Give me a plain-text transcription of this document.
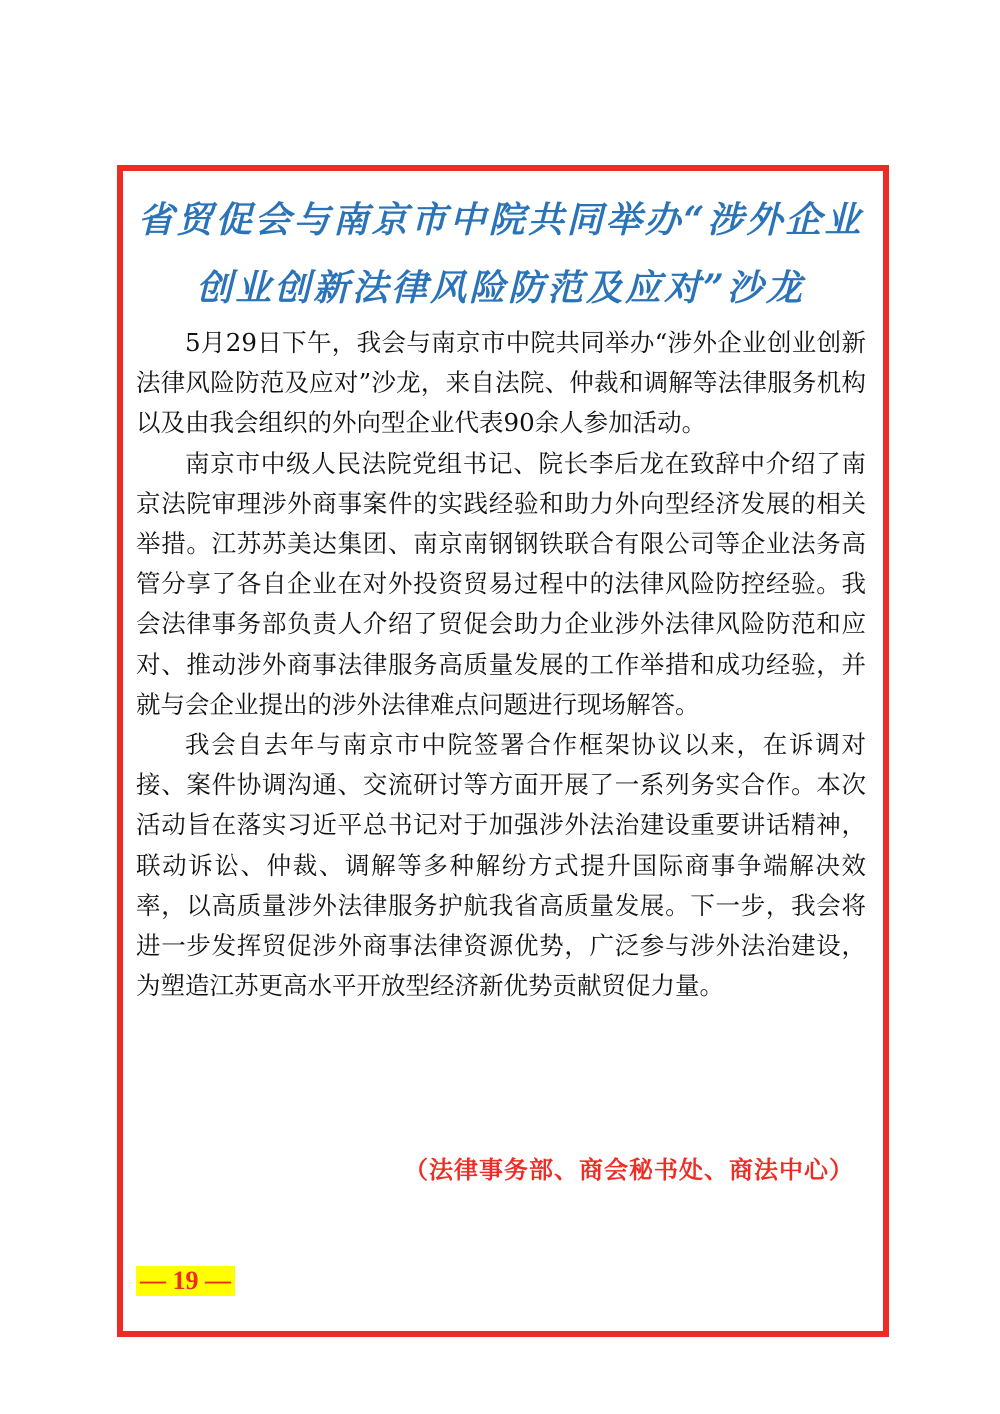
省贸促会与南京市中院共同举办“涉外企业创业创新法律风险防范及应对”沙龙

5月29日下午，我会与南京市中院共同举办“涉外企业创业创新法律风险防范及应对”沙龙，来自法院、仲裁和调解等法律服务机构以及由我会组织的外向型企业代表90余人参加活动。

南京市中级人民法院党组书记、院长李后龙在致辞中介绍了南京法院审理涉外商事案件的实践经验和助力外向型经济发展的相关举措。江苏苏美达集团、南京南钢钢铁联合有限公司等企业法务高管分享了各自企业在对外投资贸易过程中的法律风险防控经验。我会法律事务部负责人介绍了贸促会助力企业涉外法律风险防范和应对、推动涉外商事法律服务高质量发展的工作举措和成功经验，并就与会企业提出的涉外法律难点问题进行现场解答。

我会自去年与南京市中院签署合作框架协议以来，在诉调对接、案件协调沟通、交流研讨等方面开展了一系列务实合作。本次活动旨在落实习近平总书记对于加强涉外法治建设重要讲话精神，联动诉讼、仲裁、调解等多种解纷方式提升国际商事争端解决效率，以高质量涉外法律服务护航我省高质量发展。下一步，我会将进一步发挥贸促涉外商事法律资源优势，广泛参与涉外法治建设，为塑造江苏更高水平开放型经济新优势贡献贸促力量。

（法律事务部、商会秘书处、商法中心）
— 19 —
